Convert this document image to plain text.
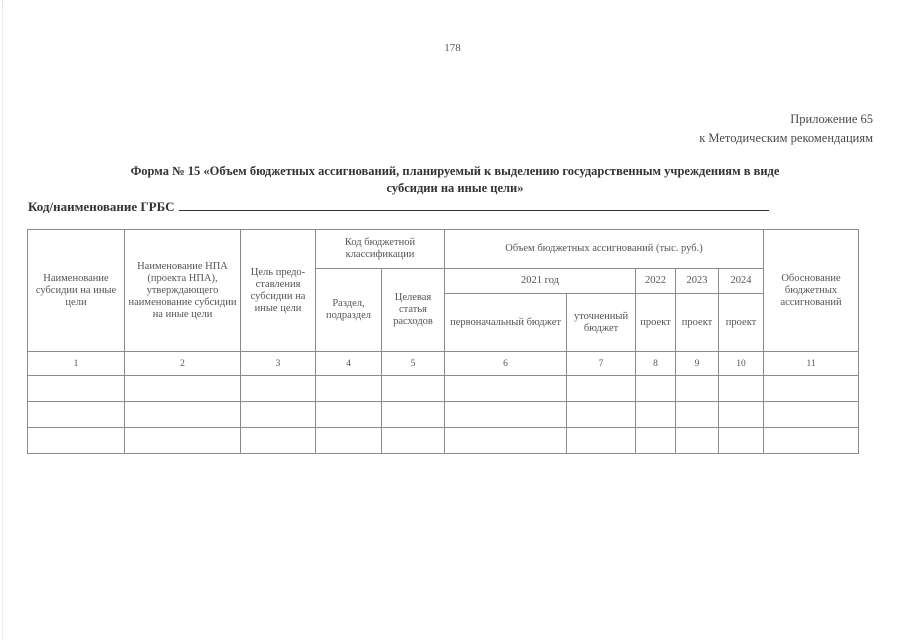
178
Приложение 65
к Методическим рекомендациям
Форма № 15 «Объем бюджетных ассигнований, планируемый к выделению государственным учреждениям в виде
субсидии на иные цели»
Код/наименование ГРБС
Наименование субсидии на иные цели	Наименование НПА (проекта НПА), утверждающего наименование субсидии на иные цели	Цель предо-ставления субсидии на иные цели	Код бюджетной классификации		Объем бюджетных ассигнований (тыс. руб.)					Обоснование бюджетных ассигнований
			Раздел, подраздел	Целевая статья расходов	2021 год		2022	2023	2024	
					первоначальный бюджет	уточненный бюджет	проект	проект	проект	
1	2	3	4	5	6	7	8	9	10	11
